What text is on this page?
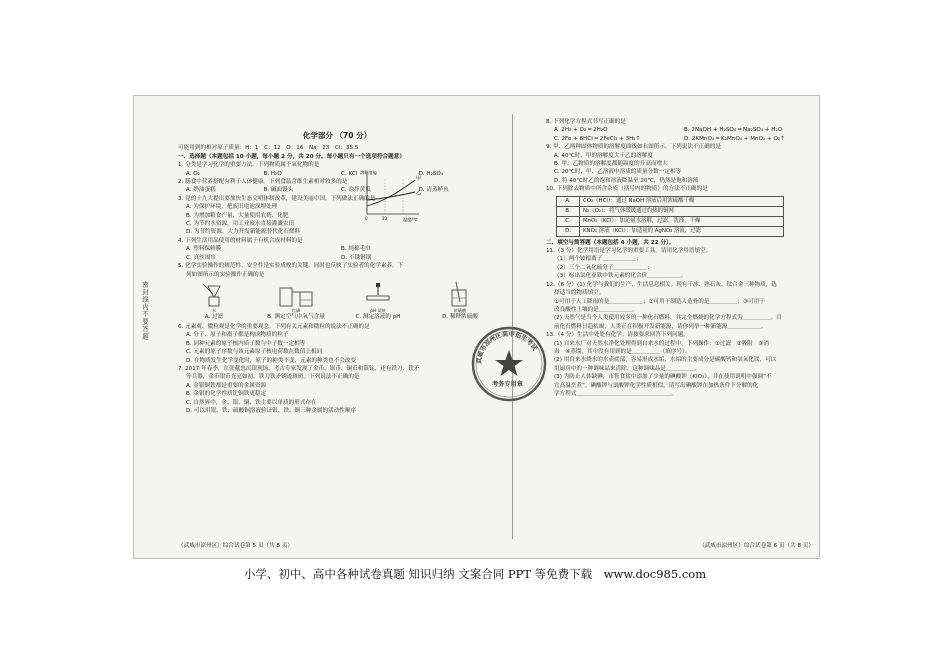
密封线内不要答题
化学部分 （70 分）
可能用到的相对原子质量：H：1　C：12　O：16　Na：23　Cl：35.5
一、选择题（本题包括 10 小题，每小题 2 分，共 20 分。每小题只有一个选项符合题意）
1. 分类是学习化学的重要方法。下列物质属于氧化物的是
A. O₂	B. H₂O	C. KCl	D. H₂SO₄
2. 膳食中营养搭配有利于人体健康。下列食品含维生素相对较多的是
A. 奶油蛋糕	B. 碱面馒头	C. 凉拌黄瓜	D. 清蒸鲈鱼
3. 党的十九大提出要加快生态文明体制改革，建设美丽中国。下列做法正确的是
A. 为保护环境，把废旧电池深埋处理
B. 为增加粮食产量，大量使用农药、化肥
C. 为节约水资源，用工业废水直接灌溉农田
D. 为节约资源，大力开发新能源替代化石燃料
4. 下列生活用品使用的材料属于有机合成材料的是
A. 塑料保鲜膜	B. 纯棉毛巾
C. 真丝围巾	D. 不锈钢锅
5. 化学实验操作的规范性、安全性是实验成败的关键，同时也反映了实验者的化学素养。下
列如图所示的实验操作正确的是
水
A. 过滤
红磷
B. 测定空气中氧气含量
pH 试纸
C. 测定溶液的 pH
浓硫酸
D. 稀释浓硫酸
6. 元素观、微粒观是化学的重要观念。下列有关元素和微粒的说法不正确的是
A. 分子、原子和离子都是构成物质的粒子
B. 同种元素的原子核内质子数与中子数一定相等
C. 元素的原子序数与该元素原子核电荷数在数值上相同
D. 在物质发生化学变化时，原子的种类不变，元素的种类也不会改变
7. 2017 年春季，在张献忠沉银现场，考古专家发现了金币、银币、铜币和银锭，还有铁刀、铁矛
等兵器，金币银币光亮如初，铁刀铁矛锈迹斑斑。下列说法不正确的是
A. 金银铜铁都是重要的金属资源
B. 金银的化学性质比铜铁更稳定
C. 自然界中，金、银、铜、铁主要以单质的形式存在
D. 可以用银、铁、硫酸铜溶液验证银、铁、铜三种金属的活动性顺序
（武威市凉州区）综合试卷第 5 页（共 8 页）
8. 下列化学方程式书写正确的是
A. 2H₂ + O₂ ═ 2H₂O	B. 2NaOH + H₂SO₄ ═ Na₂SO₄ + H₂O
C. 2Fe + 6HCl ═ 2FeCl₃ + 3H₂↑	D. 2KMnO₄ ═ K₂MnO₄ + MnO₂ + O₂↑
9. 甲、乙两种固体物质的溶解度曲线如右图所示。下列说法不正确的是
A. 40℃时，甲的溶解度大于乙的溶解度
B. 甲、乙物质的溶解度都随温度的升高而增大
C. 20℃时，甲、乙溶液中溶质的质量分数一定相等
D. 将 40℃时乙的饱和溶液降温至 20℃，仍然是饱和溶液
10. 下列除去物质中所含杂质（括号内的物质）的方法不正确的是
A.	CO₂（HCl）：通过 NaOH 溶液后用浓硫酸干燥
B.	N₂（O₂）：将气体缓缓通过灼热的铜网
C.	MnO₂（KCl）：加足量水溶解，过滤，洗涤，干燥
D.	KNO₃ 溶液（KCl）：加适量的 AgNO₃ 溶液，过滤
二、填空与简答题（本题包括 4 小题，共 22 分）。
11.（3 分）化学用语是学习化学的重要工具。请用化学用语填空。
（1）两个铵根离子＿＿＿＿＿＿；
（2）三个二氧化硫分子＿＿＿＿＿＿；
（3）标出氯化亚铁中铁元素的化合价＿＿＿＿＿＿。
12.（6 分）(1) 化学与我们的生产、生活息息相关。现有干冰、熟石灰、钛合金三种物质，选
择适当的物质填空。
①可用于人工降雨的是＿＿＿＿＿＿；②可用于制造人造骨的是＿＿＿＿＿；③可用于
改良酸性土壤的是＿＿＿＿＿＿。
(2) 天然气是当今人类使用较多的一种化石燃料，其完全燃烧的化学方程式为＿＿＿＿＿。目
前化石燃料日趋枯竭，人类正在积极开发新能源，请你列举一种新能源＿＿＿＿＿＿。
13.（4 分）生活中处处有化学。请按要求回答下列问题。
(1) 自来水厂对天然水净化处理得到自来水的过程中，下列操作：①过滤　②吸附　③消
毒　④蒸馏，其中没有用到的是＿＿＿＿＿（填序号）。
(2) 用自来水烧水的水壶底部，容易形成水垢，水垢的主要成分是碳酸钙和氢氧化镁，可以
用厨房中的一种调味品来清除，这种调味品是＿＿＿＿＿。
(3) 为防止人体缺碘，市售食盐中添加了少量的碘酸钾（KIO₃），并在使用说明中强调“不
宜高温烹煮”。碘酸钾与氯酸钾化学性质相似，请写出碘酸钾在加热条件下分解的化
学方程式＿＿＿＿＿＿＿＿＿＿＿＿＿＿＿＿＿。
（武威市凉州区）综合试卷第 6 页（共 8 页）
甲
乙
溶解度/g
温度/℃
0	20
武威市凉州区高中招生考试
考务专用章
小学、初中、高中各种试卷真题 知识归纳 文案合同 PPT 等免费下载　www.doc985.com
